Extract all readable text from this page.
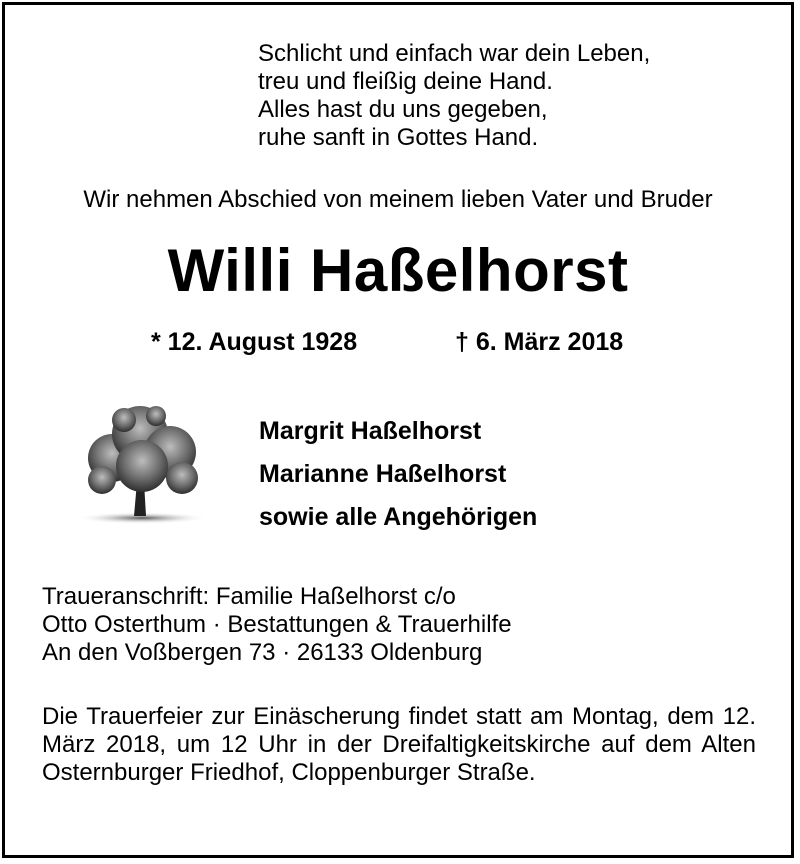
Schlicht und einfach war dein Leben,
treu und fleißig deine Hand.
Alles hast du uns gegeben,
ruhe sanft in Gottes Hand.
Wir nehmen Abschied von meinem lieben Vater und Bruder
Willi Haßelhorst
* 12. August 1928	† 6. März 2018
Margrit Haßelhorst
Marianne Haßelhorst
sowie alle Angehörigen
Traueranschrift: Familie Haßelhorst c/o
Otto Osterthum · Bestattungen & Trauerhilfe
An den Voßbergen 73 · 26133 Oldenburg
Die Trauerfeier zur Einäscherung findet statt am Montag, dem 12. März 2018, um 12 Uhr in der Dreifaltigkeitskirche auf dem Alten Osternburger Friedhof, Cloppenburger Straße.
